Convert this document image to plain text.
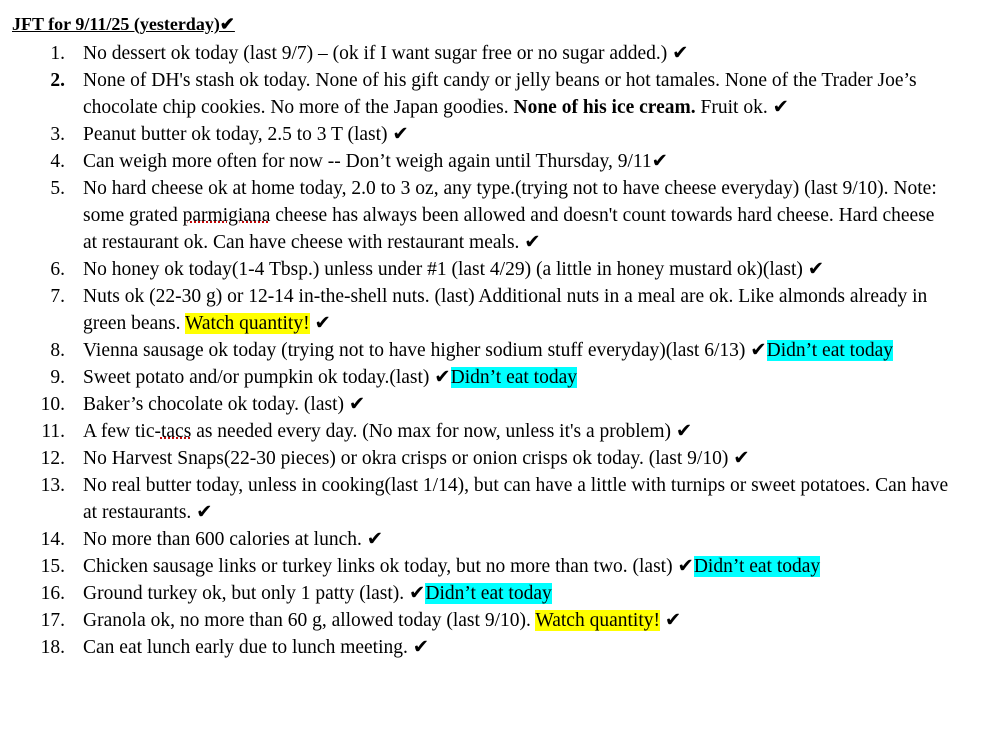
JFT for 9/11/25 (yesterday)✔
1. No dessert ok today (last 9/7) – (ok if I want sugar free or no sugar added.) ✔
2. None of DH's stash ok today. None of his gift candy or jelly beans or hot tamales. None of the Trader Joe’s chocolate chip cookies. No more of the Japan goodies. None of his ice cream. Fruit ok. ✔
3. Peanut butter ok today, 2.5 to 3 T (last) ✔
4. Can weigh more often for now -- Don’t weigh again until Thursday, 9/11✔
5. No hard cheese ok at home today, 2.0 to 3 oz, any type.(trying not to have cheese everyday) (last 9/10). Note: some grated parmigiana cheese has always been allowed and doesn't count towards hard cheese. Hard cheese at restaurant ok. Can have cheese with restaurant meals. ✔
6. No honey ok today(1-4 Tbsp.) unless under #1 (last 4/29) (a little in honey mustard ok)(last) ✔
7. Nuts ok (22-30 g) or 12-14 in-the-shell nuts. (last) Additional nuts in a meal are ok. Like almonds already in green beans. Watch quantity! ✔
8. Vienna sausage ok today (trying not to have higher sodium stuff everyday)(last 6/13) ✔Didn’t eat today
9. Sweet potato and/or pumpkin ok today.(last) ✔Didn’t eat today
10. Baker’s chocolate ok today. (last) ✔
11. A few tic-tacs as needed every day. (No max for now, unless it's a problem) ✔
12. No Harvest Snaps(22-30 pieces) or okra crisps or onion crisps ok today. (last 9/10) ✔
13. No real butter today, unless in cooking(last 1/14), but can have a little with turnips or sweet potatoes. Can have at restaurants. ✔
14. No more than 600 calories at lunch. ✔
15. Chicken sausage links or turkey links ok today, but no more than two. (last) ✔Didn’t eat today
16. Ground turkey ok, but only 1 patty (last). ✔Didn’t eat today
17. Granola ok, no more than 60 g, allowed today (last 9/10). Watch quantity! ✔
18. Can eat lunch early due to lunch meeting. ✔
